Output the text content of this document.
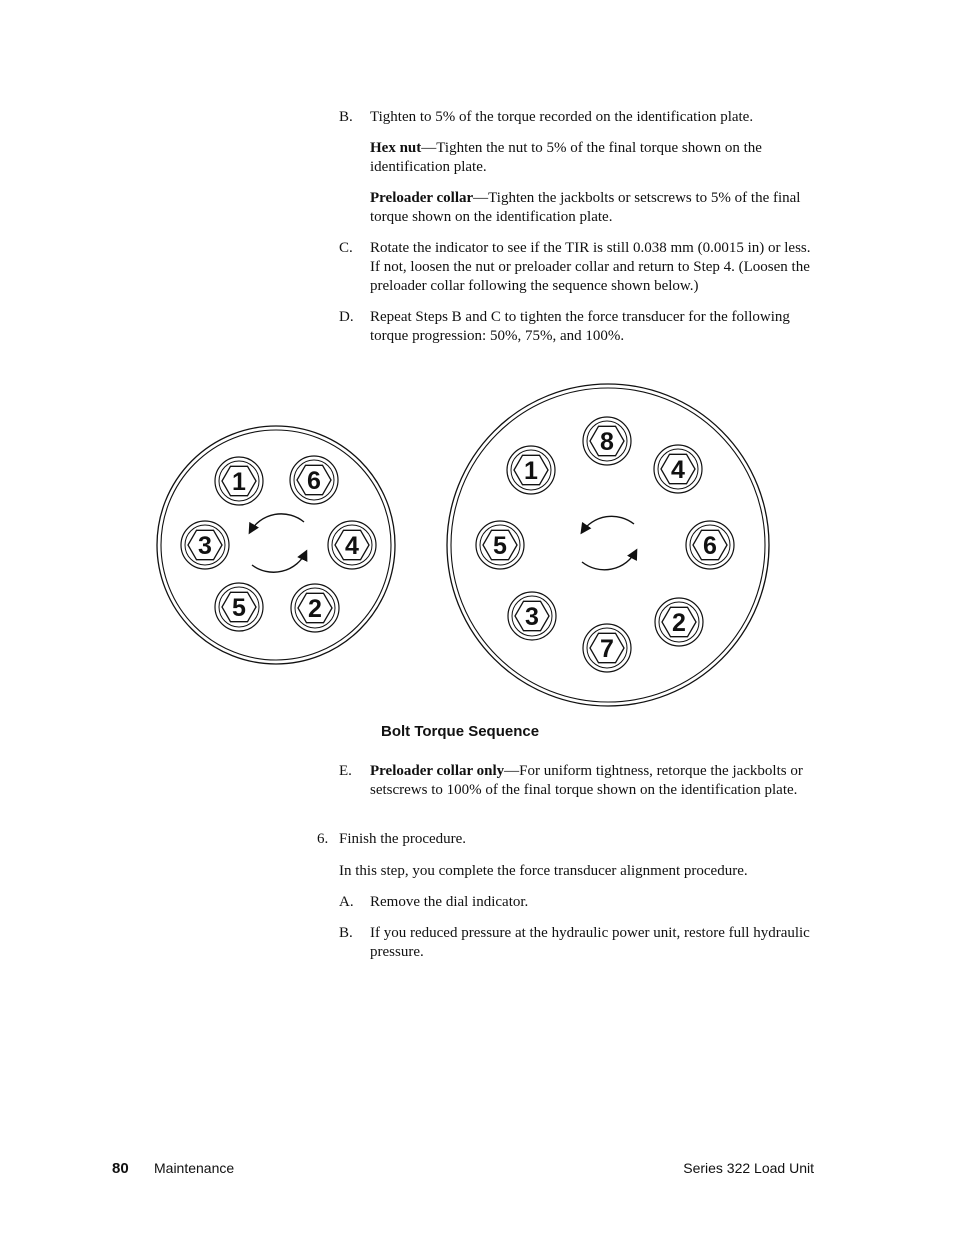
B. Tighten to 5% of the torque recorded on the identification plate.
Hex nut—Tighten the nut to 5% of the final torque shown on the identification plate.
Preloader collar—Tighten the jackbolts or setscrews to 5% of the final torque shown on the identification plate.
C. Rotate the indicator to see if the TIR is still 0.038 mm (0.0015 in) or less. If not, loosen the nut or preloader collar and return to Step 4. (Loosen the preloader collar following the sequence shown below.)
D. Repeat Steps B and C to tighten the force transducer for the following torque progression: 50%, 75%, and 100%.
1 6
4
2
5
3
8
4
6
2
7
3
5
1
Bolt Torque Sequence
E. Preloader collar only—For uniform tightness, retorque the jackbolts or setscrews to 100% of the final torque shown on the identification plate.
6. Finish the procedure.
In this step, you complete the force transducer alignment procedure.
A. Remove the dial indicator.
B. If you reduced pressure at the hydraulic power unit, restore full hydraulic pressure.
80 Maintenance	Series 322 Load Unit
